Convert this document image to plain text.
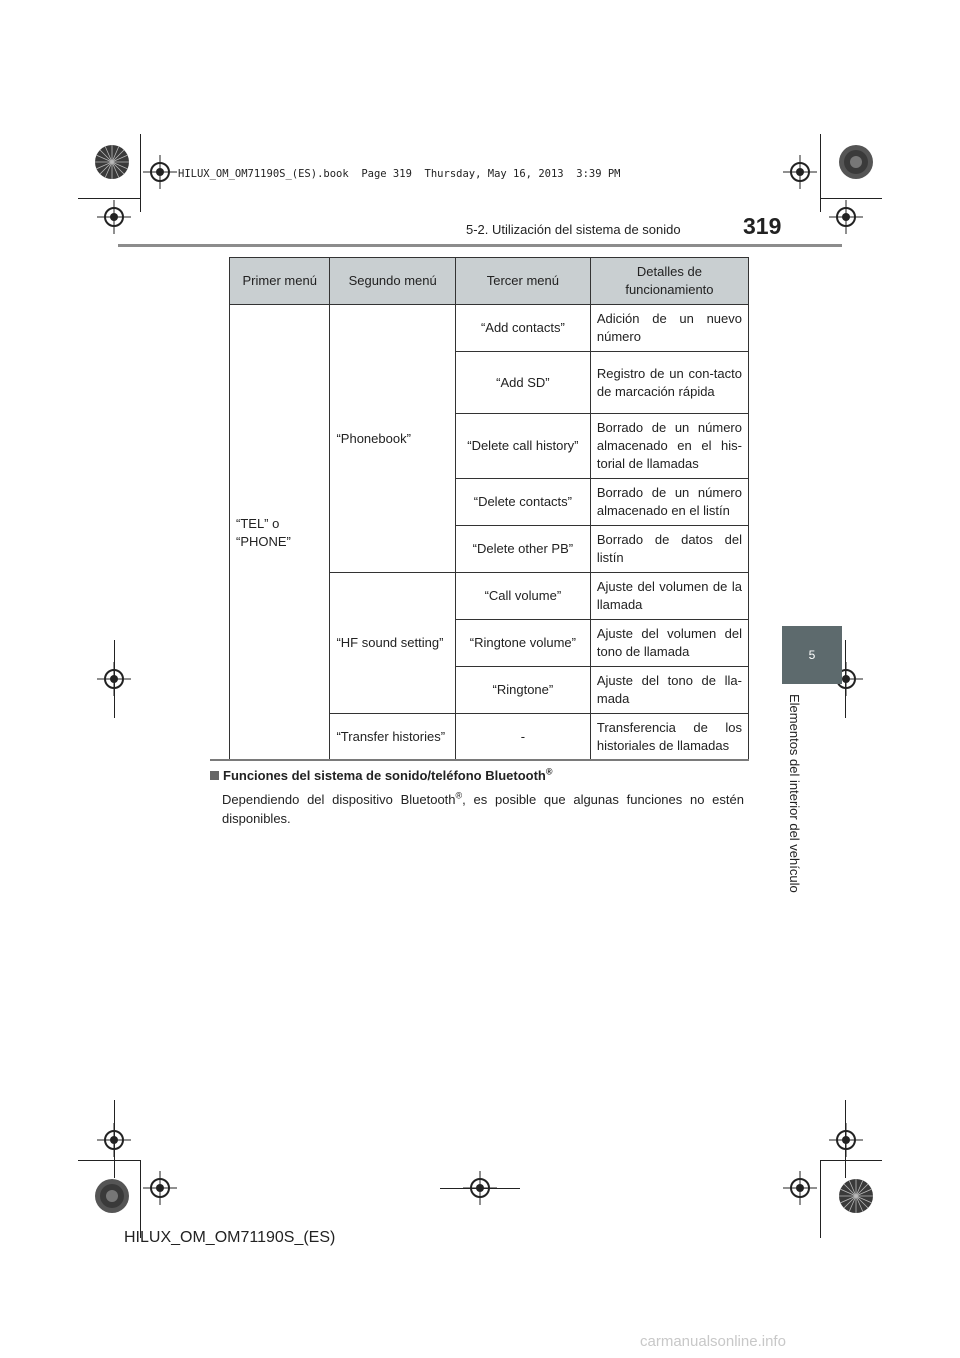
HILUX_OM_OM71190S_(ES).book  Page 319  Thursday, May 16, 2013  3:39 PM
5-2. Utilización del sistema de sonido	319
5
Elementos del interior del vehículo
Primer menú	Segundo menú	Tercer menú	Detalles de funcionamiento
“TEL” o “PHONE”	“Phonebook”	“Add contacts”	Adición de un nuevo número
		“Add SD”	Registro de un con-tacto de marcación rápida
		“Delete call history”	Borrado de un número almacenado en el his-torial de llamadas
		“Delete contacts”	Borrado de un número almacenado en el listín
		“Delete other PB”	Borrado de datos del listín
	“HF sound setting”	“Call volume”	Ajuste del volumen de la llamada
		“Ringtone volume”	Ajuste del volumen del tono de llamada
		“Ringtone”	Ajuste del tono de lla-mada
	“Transfer histories”	-	Transferencia de los historiales de llamadas
Funciones del sistema de sonido/teléfono Bluetooth®
Dependiendo del dispositivo Bluetooth®, es posible que algunas funciones no estén disponibles.
HILUX_OM_OM71190S_(ES)
carmanualsonline.info
